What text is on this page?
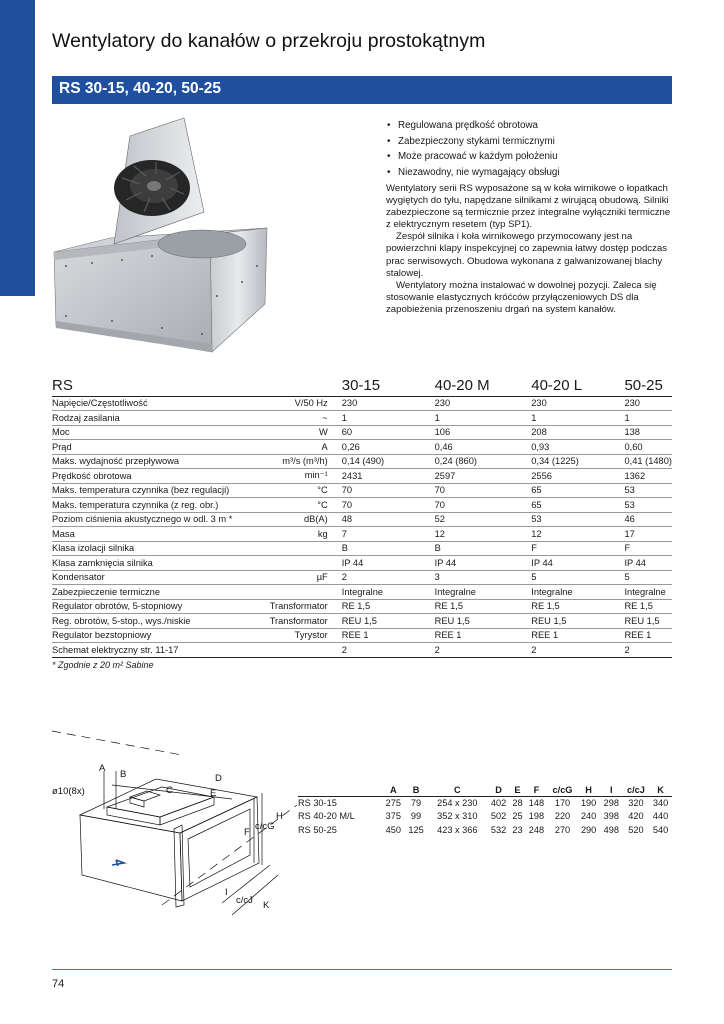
Wentylatory do kanałów o przekroju prostokątnym
RS 30-15, 40-20, 50-25
• Regulowana prędkość obrotowa
• Zabezpieczony stykami termicznymi
• Może pracować w każdym położeniu
• Niezawodny, nie wymagający obsługi

Wentylatory serii RS wyposażone są w koła wirnikowe o łopatkach wygiętych do tyłu, napędzane silnikami z wirującą obudową. Silniki zabezpieczone są termicznie przez integralne wyłączniki termiczne z elektrycznym resetem (typ SP1).

Zespół silnika i koła wirnikowego przymocowany jest na powierzchni klapy inspekcyjnej co zapewnia łatwy dostęp podczas prac serwisowych. Obudowa wykonana z galwanizowanej blachy stalowej.

Wentylatory można instalować w dowolnej pozycji. Zaleca się stosowanie elastycznych króćców przyłączeniowych DS dla zapobieżenia przenoszeniu drgań na system kanałów.

RS		30-15	40-20 M	40-20 L	50-25
Napięcie/Częstotliwość	V/50 Hz	230	230	230	230
Rodzaj zasilania	~	1	1	1	1
Moc	W	60	106	208	138
Prąd	A	0,26	0,46	0,93	0,60
Maks. wydajność przepływowa	m³/s (m³/h)	0,14 (490)	0,24 (860)	0,34 (1225)	0,41 (1480)
Prędkość obrotowa	min⁻¹	2431	2597	2556	1362
Maks. temperatura czynnika (bez regulacji)	°C	70	70	65	53
Maks. temperatura czynnika (z reg. obr.)	°C	70	70	65	53
Poziom ciśnienia akustycznego w odl. 3 m *	dB(A)	48	52	53	46
Masa	kg	7	12	12	17
Klasa izolacji silnika		B	B	F	F
Klasa zamknięcia silnika		IP 44	IP 44	IP 44	IP 44
Kondensator	µF	2	3	5	5
Zabezpieczenie termiczne		Integralne	Integralne	Integralne	Integralne
Regulator obrotów, 5-stopniowy	Transformator	RE 1,5	RE 1,5	RE 1,5	RE 1,5
Reg. obrotów, 5-stop., wys./niskie	Transformator	REU 1,5	REU 1,5	REU 1,5	REU 1,5
Regulator bezstopniowy	Tyrystor	REE 1	REE 1	REE 1	REE 1
Schemat elektryczny str. 11-17		2	2	2	2
* Zgodnie z 20 m² Sabine
A
B
C
D
E
F
H
c/cG
I
c/cJ K
ø10(8x)
		A	B	C	D	E	F	c/cG	H	I	c/cJ	K
RS 30-15	275	79	254 x 230	402	28	148	170	190	298	320	340
RS 40-20 M/L	375	99	352 x 310	502	25	198	220	240	398	420	440
RS 50-25	450	125	423 x 366	532	23	248	270	290	498	520	540
74
